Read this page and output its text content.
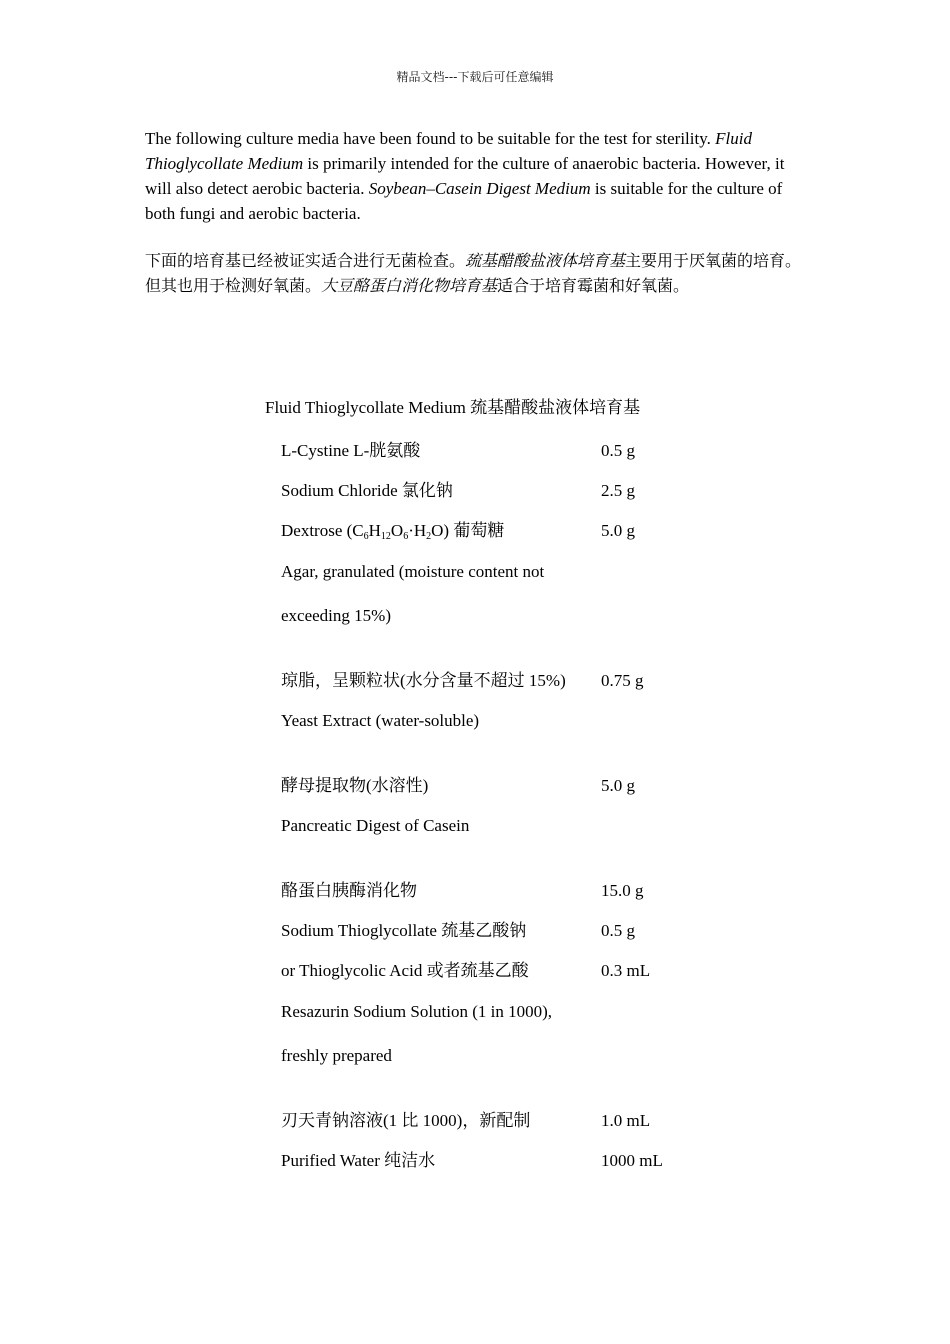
精品文档---下载后可任意编辑

The following culture media have been found to be suitable for the test for sterility. Fluid Thioglycollate Medium is primarily intended for the culture of anaerobic bacteria. However, it will also detect aerobic bacteria. Soybean–Casein Digest Medium is suitable for the culture of both fungi and aerobic bacteria.

下面的培育基已经被证实适合进行无菌检查。巯基醋酸盐液体培育基主要用于厌氧菌的培育。但其也用于检测好氧菌。大豆酪蛋白消化物培育基适合于培育霉菌和好氧菌。

Fluid Thioglycollate Medium 巯基醋酸盐液体培育基
L-Cystine L-胱氨酸	0.5 g
Sodium Chloride 氯化钠	2.5 g
Dextrose $(C_6H_{12}O_6\cdot H_2O)$ 葡萄糖	5.0 g
Agar, granulated (moisture content not
exceeding 15%)
琼脂，呈颗粒状(水分含量不超过 15%) 0.75 g
Yeast Extract (water-soluble)
酵母提取物(水溶性)	5.0 g
Pancreatic Digest of Casein
酪蛋白胰酶消化物	15.0 g
Sodium Thioglycollate 巯基乙酸钠	0.5 g
or Thioglycolic Acid 或者巯基乙酸	0.3 mL
Resazurin Sodium Solution (1 in 1000),
freshly prepared
刃天青钠溶液(1 比 1000)，新配制	1.0 mL
Purified Water 纯洁水	1000 mL
